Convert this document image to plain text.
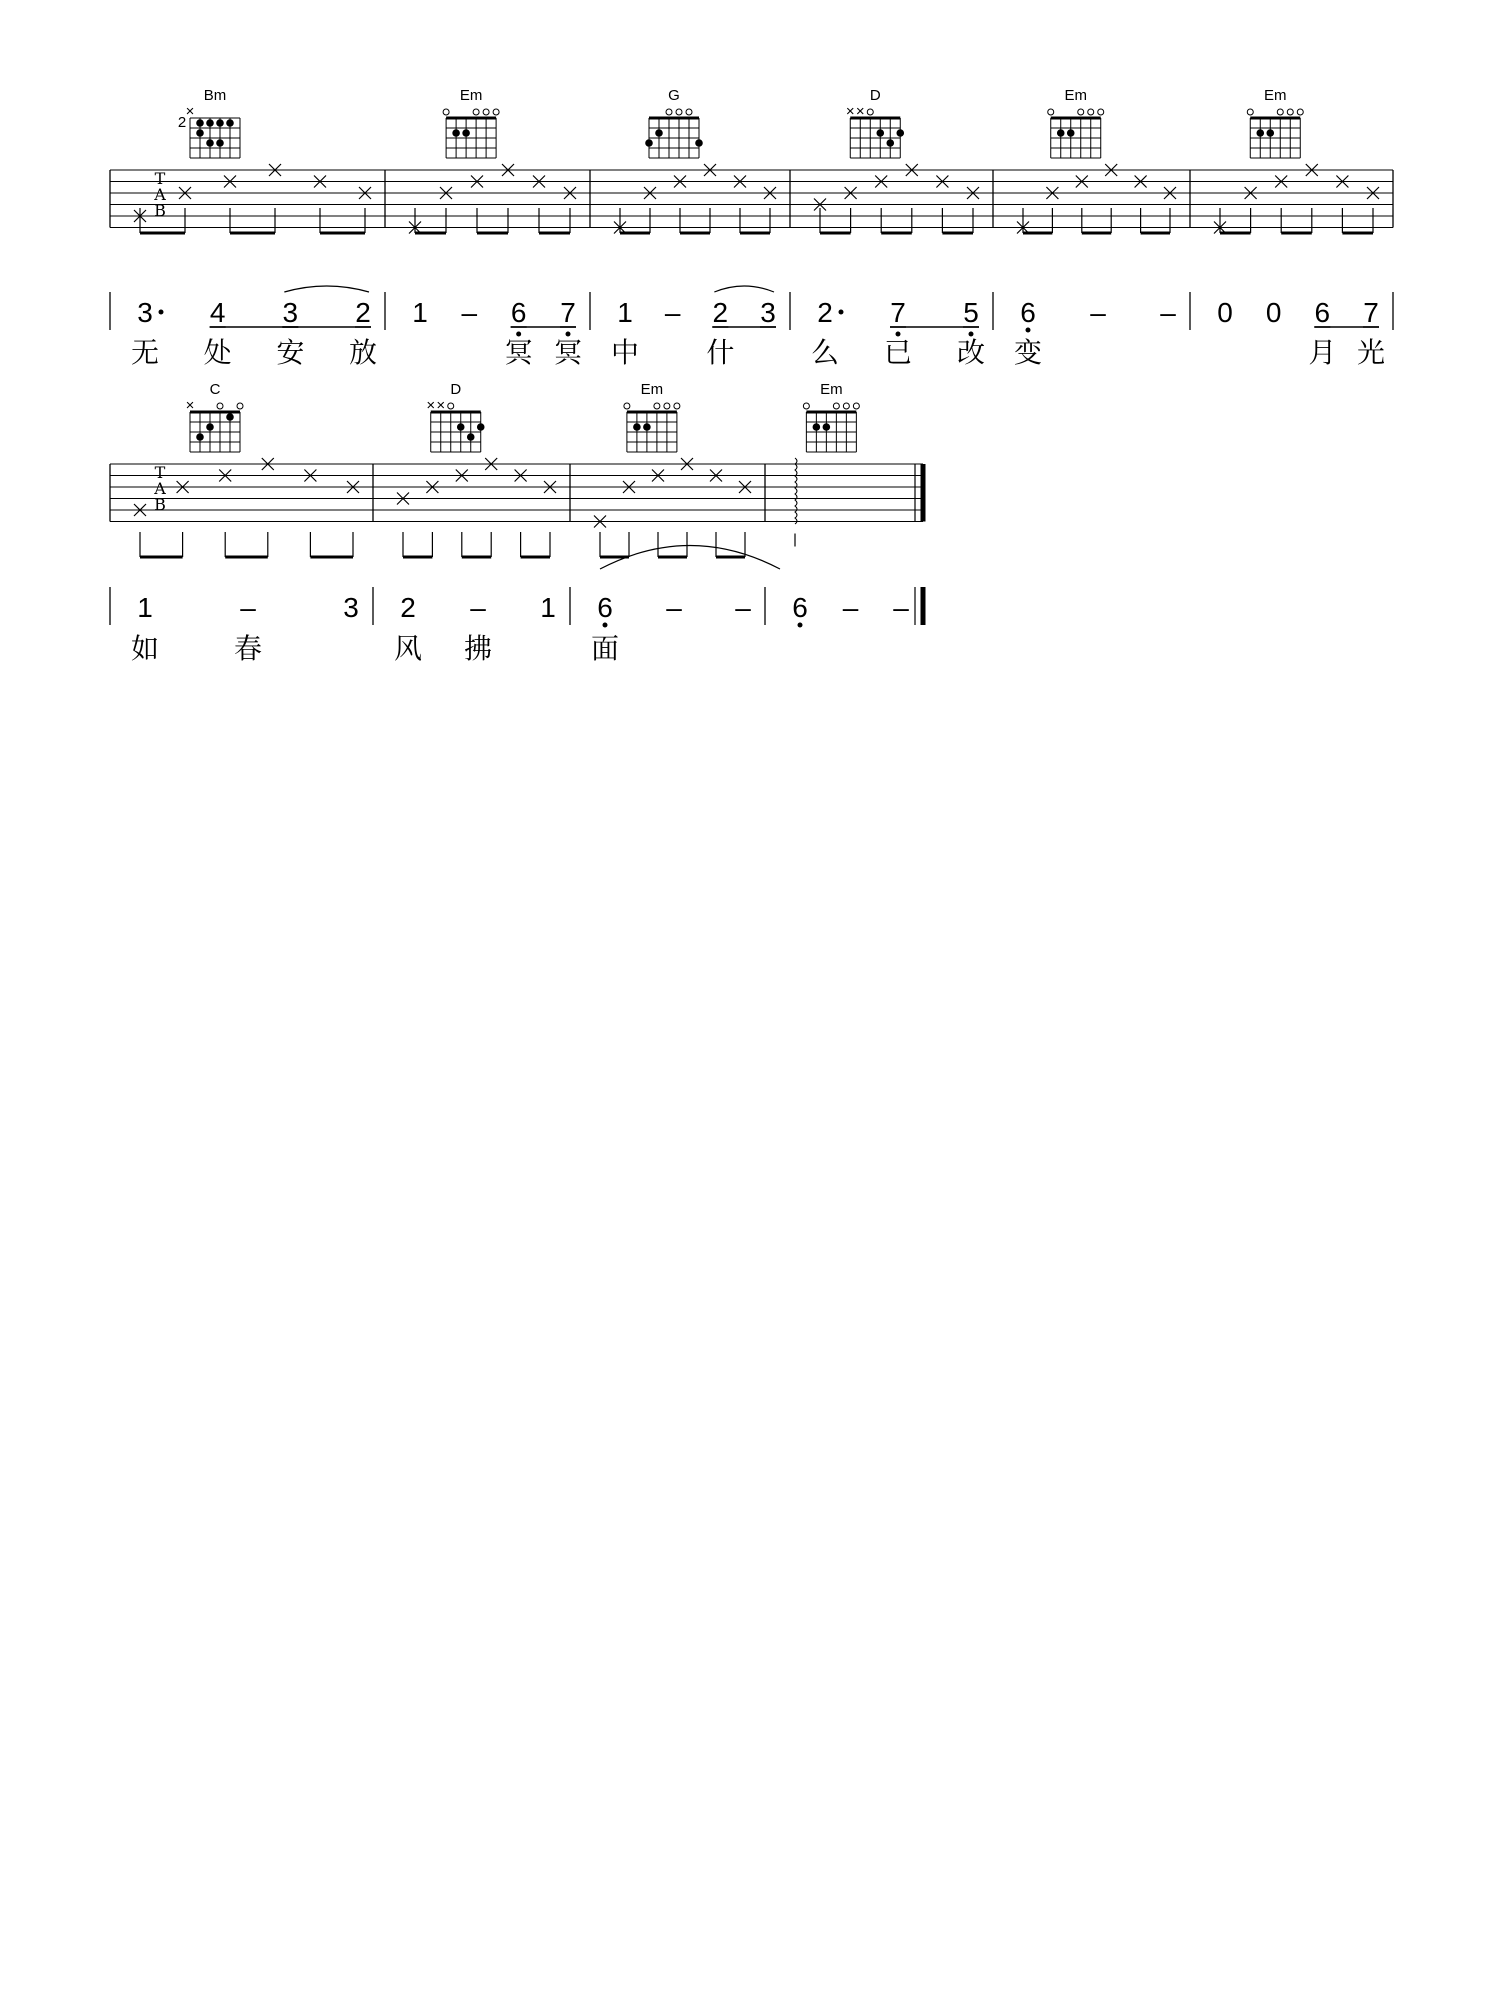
T
A
B
Bm
2
×
3 4 3 2
无 处 安 放
Em
1 – 6 7
冥 冥
G
1 – 2 3
中 什
D
× ×
2 7 5
么 已 改
Em
6 – –
变
Em
0 0 6 7
月 光
T
A
B
C
×
1	–	3
如	春
D
× ×
2 – 1
风 拂
Em
6 – –
面
Em
– –
6 – –
